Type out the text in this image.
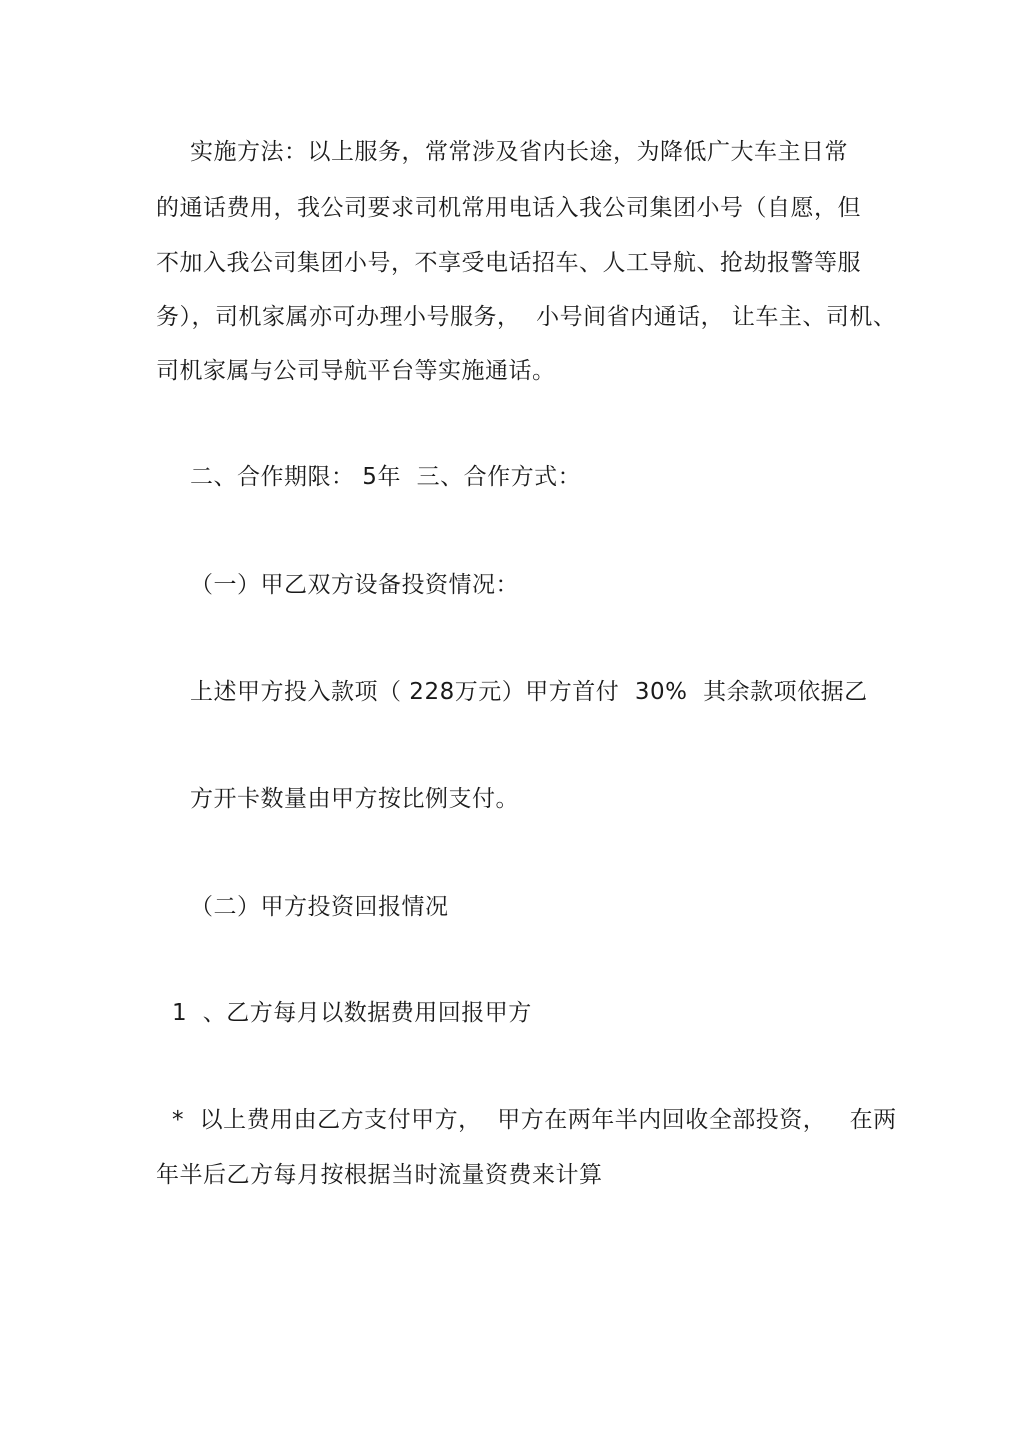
实施方法：以上服务，常常涉及省内长途，为降低广大车主日常
的通话费用，我公司要求司机常用电话入我公司集团小号（自愿，但
不加入我公司集团小号，不享受电话招车、人工导航、抢劫报警等服
务），司机家属亦可办理小号服务，  小号间省内通话， 让车主、司机、
司机家属与公司导航平台等实施通话。
二、合作期限： 5年  三、合作方式：
（一）甲乙双方设备投资情况：
上述甲方投入款项（ 228万元）甲方首付  30%  其余款项依据乙
方开卡数量由甲方按比例支付。
（二）甲方投资回报情况
1  、乙方每月以数据费用回报甲方
*  以上费用由乙方支付甲方，  甲方在两年半内回收全部投资，   在两
年半后乙方每月按根据当时流量资费来计算
